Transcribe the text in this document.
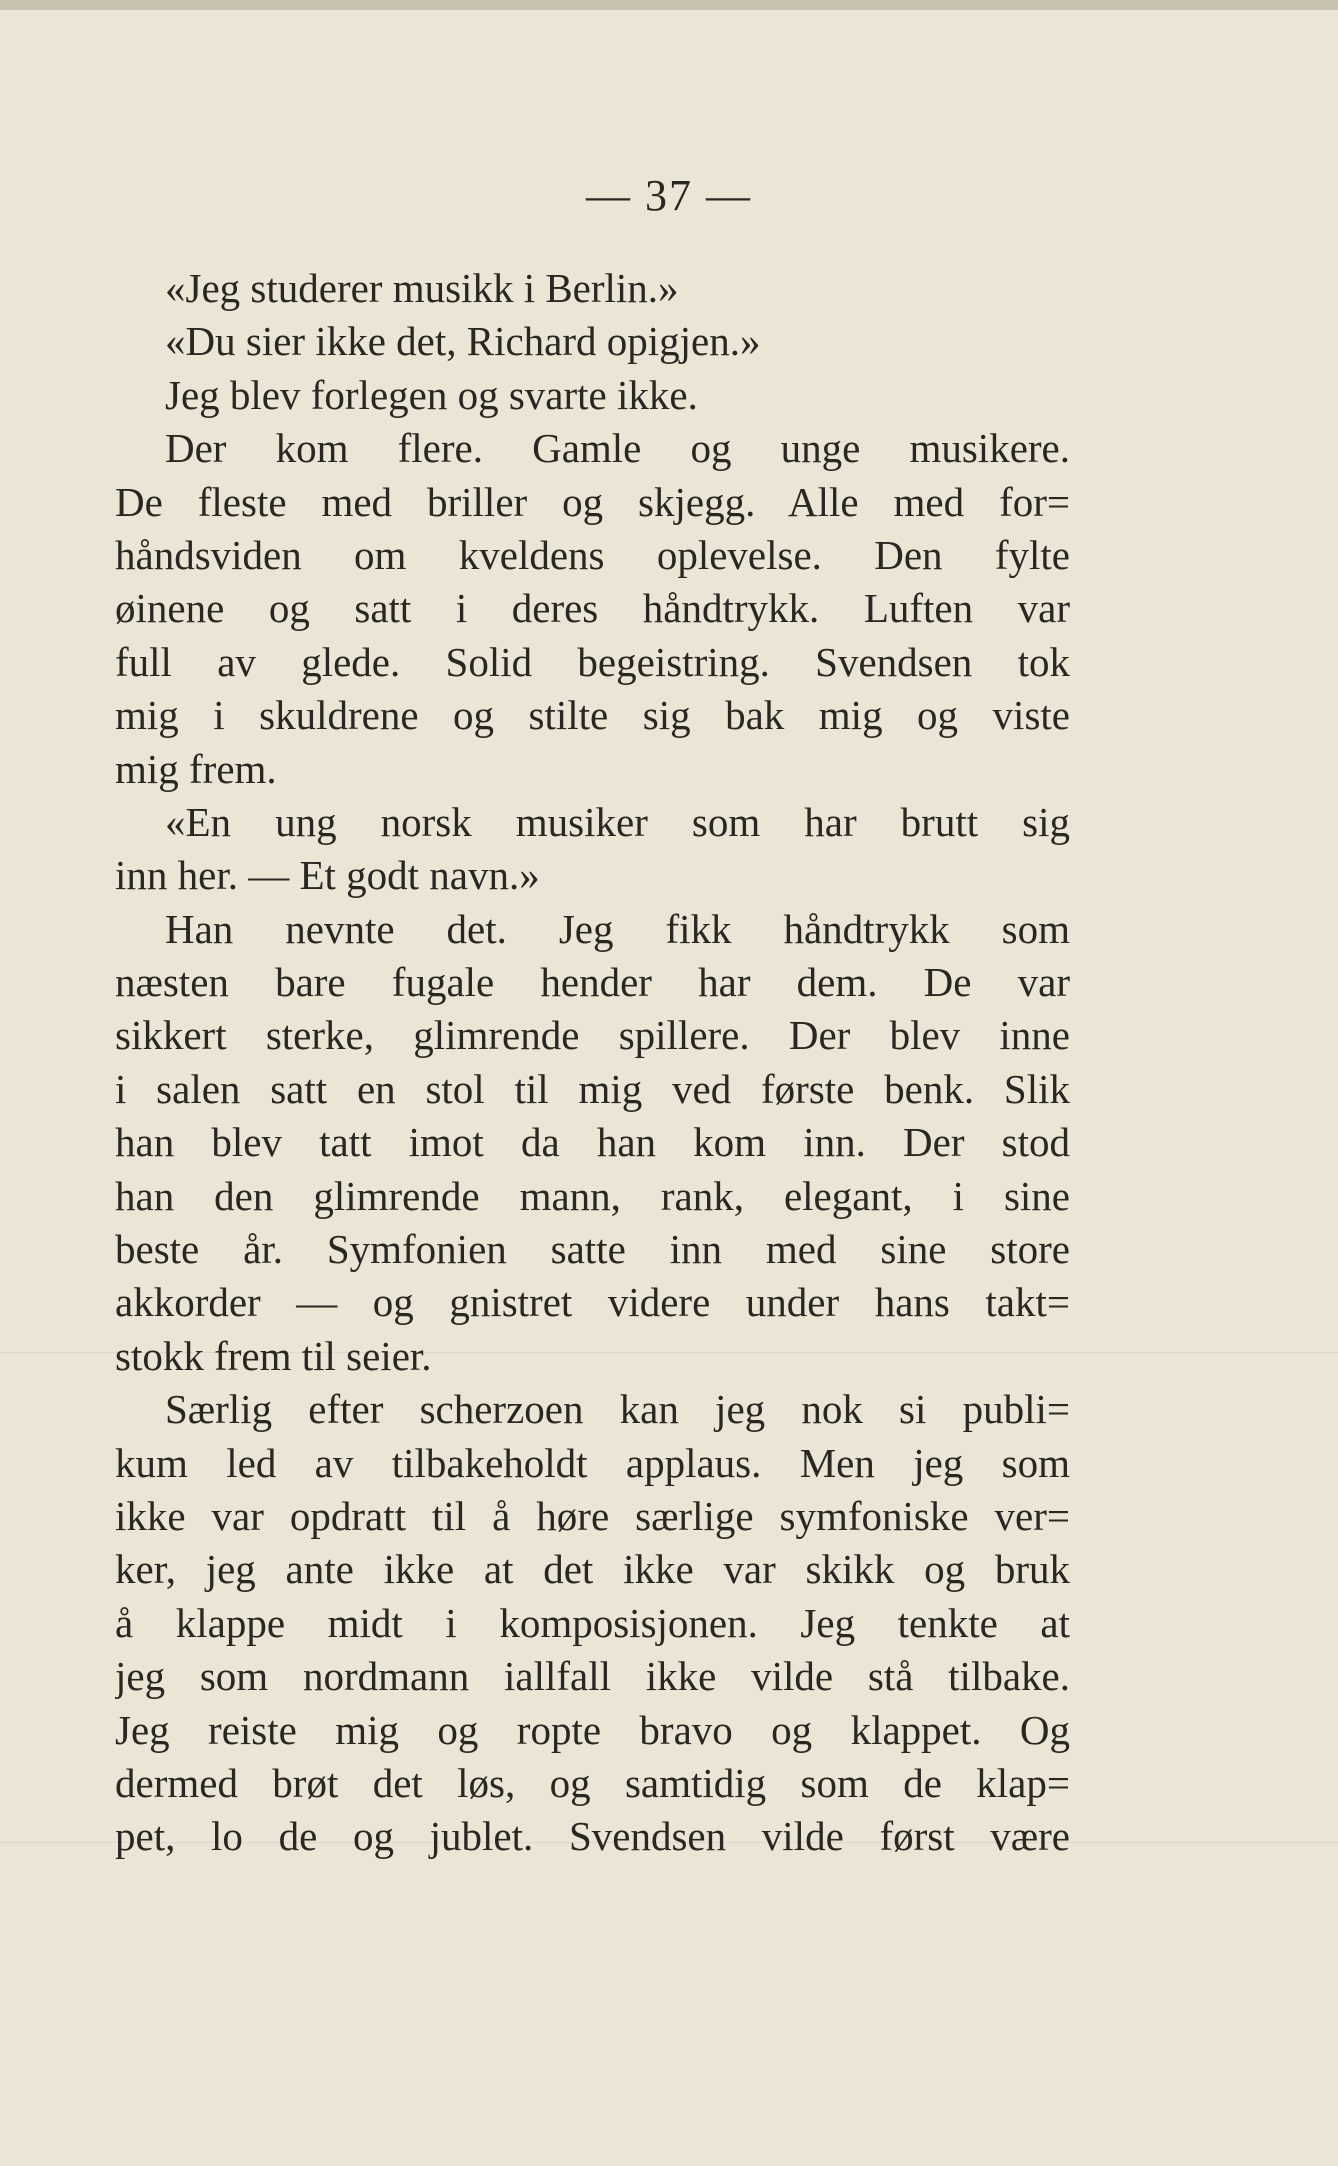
— 37 —
«Jeg studerer musikk i Berlin.»
«Du sier ikke det, Richard opigjen.»
Jeg blev forlegen og svarte ikke.
Der kom flere. Gamle og unge musikere.
De fleste med briller og skjegg. Alle med for=
håndsviden om kveldens oplevelse. Den fylte
øinene og satt i deres håndtrykk. Luften var
full av glede. Solid begeistring. Svendsen tok
mig i skuldrene og stilte sig bak mig og viste
mig frem.
«En ung norsk musiker som har brutt sig
inn her. — Et godt navn.»
Han nevnte det. Jeg fikk håndtrykk som
næsten bare fugale hender har dem. De var
sikkert sterke, glimrende spillere. Der blev inne
i salen satt en stol til mig ved første benk. Slik
han blev tatt imot da han kom inn. Der stod
han den glimrende mann, rank, elegant, i sine
beste år. Symfonien satte inn med sine store
akkorder — og gnistret videre under hans takt=
stokk frem til seier.
Særlig efter scherzoen kan jeg nok si publi=
kum led av tilbakeholdt applaus. Men jeg som
ikke var opdratt til å høre særlige symfoniske ver=
ker, jeg ante ikke at det ikke var skikk og bruk
å klappe midt i komposisjonen. Jeg tenkte at
jeg som nordmann iallfall ikke vilde stå tilbake.
Jeg reiste mig og ropte bravo og klappet. Og
dermed brøt det løs, og samtidig som de klap=
pet, lo de og jublet. Svendsen vilde først være
